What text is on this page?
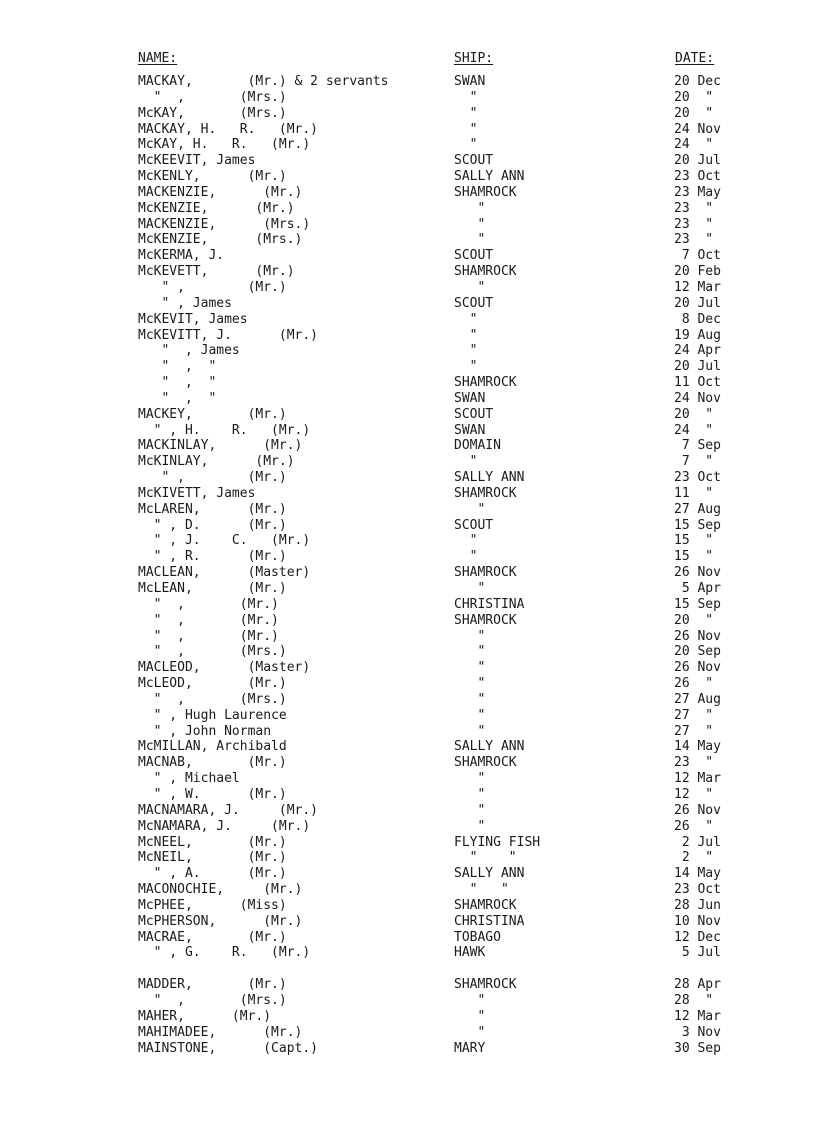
NAME:	SHIP:	DATE:
MACKAY,       (Mr.) & 2 servants	SWAN	20 Dec
"  ,       (Mrs.)	"	20  "
McKAY,       (Mrs.)	"	20  "
MACKAY, H.   R.   (Mr.)	"	24 Nov
McKAY, H.   R.   (Mr.)	"	24  "
McKEEVIT, James	SCOUT	20 Jul
McKENLY,      (Mr.)	SALLY ANN	23 Oct
MACKENZIE,      (Mr.)	SHAMROCK	23 May
McKENZIE,      (Mr.)	"	23  "
MACKENZIE,      (Mrs.)	"	23  "
McKENZIE,      (Mrs.)	"	23  "
McKERMA, J.	SCOUT	7 Oct
McKEVETT,      (Mr.)	SHAMROCK	20 Feb
" ,        (Mr.)	"	12 Mar
" , James	SCOUT	20 Jul
McKEVIT, James	"	8 Dec
McKEVITT, J.      (Mr.)	"	19 Aug
"  , James	"	24 Apr
"  ,  "	"	20 Jul
"  ,  "	SHAMROCK	11 Oct
"  ,  "	SWAN	24 Nov
MACKEY,       (Mr.)	SCOUT	20  "
" , H.    R.   (Mr.)	SWAN	24  "
MACKINLAY,      (Mr.)	DOMAIN	7 Sep
McKINLAY,      (Mr.)	"	7  "
" ,        (Mr.)	SALLY ANN	23 Oct
McKIVETT, James	SHAMROCK	11  "
McLAREN,      (Mr.)	"	27 Aug
" , D.      (Mr.)	SCOUT	15 Sep
" , J.    C.   (Mr.)	"	15  "
" , R.      (Mr.)	"	15  "
MACLEAN,      (Master)	SHAMROCK	26 Nov
McLEAN,       (Mr.)	"	5 Apr
"  ,       (Mr.)	CHRISTINA	15 Sep
"  ,       (Mr.)	SHAMROCK	20  "
"  ,       (Mr.)	"	26 Nov
"  ,       (Mrs.)	"	20 Sep
MACLEOD,      (Master)	"	26 Nov
McLEOD,       (Mr.)	"	26  "
"  ,       (Mrs.)	"	27 Aug
" , Hugh Laurence	"	27  "
" , John Norman	"	27  "
McMILLAN, Archibald	SALLY ANN	14 May
MACNAB,       (Mr.)	SHAMROCK	23  "
" , Michael	"	12 Mar
" , W.      (Mr.)	"	12  "
MACNAMARA, J.     (Mr.)	"	26 Nov
McNAMARA, J.     (Mr.)	"	26  "
McNEEL,       (Mr.)	FLYING FISH	2 Jul
McNEIL,       (Mr.)	"    "	2  "
" , A.      (Mr.)	SALLY ANN	14 May
MACONOCHIE,     (Mr.)	"   "	23 Oct
McPHEE,      (Miss)	SHAMROCK	28 Jun
McPHERSON,      (Mr.)	CHRISTINA	10 Nov
MACRAE,       (Mr.)	TOBAGO	12 Dec
" , G.    R.   (Mr.)	HAWK	5 Jul
MADDER,       (Mr.)	SHAMROCK	28 Apr
"  ,       (Mrs.)	"	28  "
MAHER,      (Mr.)	"	12 Mar
MAHIMADEE,      (Mr.)	"	3 Nov
MAINSTONE,      (Capt.)	MARY	30 Sep
